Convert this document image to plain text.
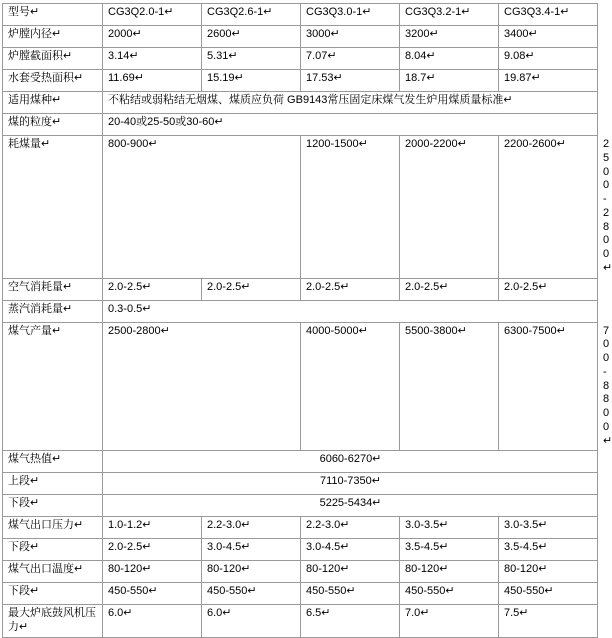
型号↵	CG3Q2.0-1↵	CG3Q2.6-1↵	CG3Q3.0-1↵	CG3Q3.2-1↵	CG3Q3.4-1↵	
炉膛内径↵	2000↵	2600↵	3000↵	3200↵	3400↵	
炉膛截面积↵	3.14↵	5.31↵	7.07↵	8.04↵	9.08↵	
水套受热面积↵	11.69↵	15.19↵	17.53↵	18.7↵	19.87↵	
适用煤种↵	不粘结或弱粘结无烟煤、煤质应负荷 GB9143常压固定床煤气发生炉用煤质量标准↵					
煤的粒度↵	20-40或25-50或30-60↵					
耗煤量↵	800-900↵		1200-1500↵	2000-2200↵	2200-2600↵	2500-2800↵
空气消耗量↵	2.0-2.5↵	2.0-2.5↵	2.0-2.5↵	2.0-2.5↵	2.0-2.5↵	
蒸汽消耗量↵	0.3-0.5↵					
煤气产量↵	2500-2800↵		4000-5000↵	5500-3800↵	6300-7500↵	700-8800↵
煤气热值↵	6060-6270↵					
上段↵	7110-7350↵					
下段↵	5225-5434↵					
煤气出口压力↵	1.0-1.2↵	2.2-3.0↵	2.2-3.0↵	3.0-3.5↵	3.0-3.5↵	
下段↵	2.0-2.5↵	3.0-4.5↵	3.0-4.5↵	3.5-4.5↵	3.5-4.5↵	
煤气出口温度↵	80-120↵	80-120↵	80-120↵	80-120↵	80-120↵	
下段↵	450-550↵	450-550↵	450-550↵	450-550↵	450-550↵	
最大炉底鼓风机压力↵	6.0↵	6.0↵	6.5↵	7.0↵	7.5↵	
